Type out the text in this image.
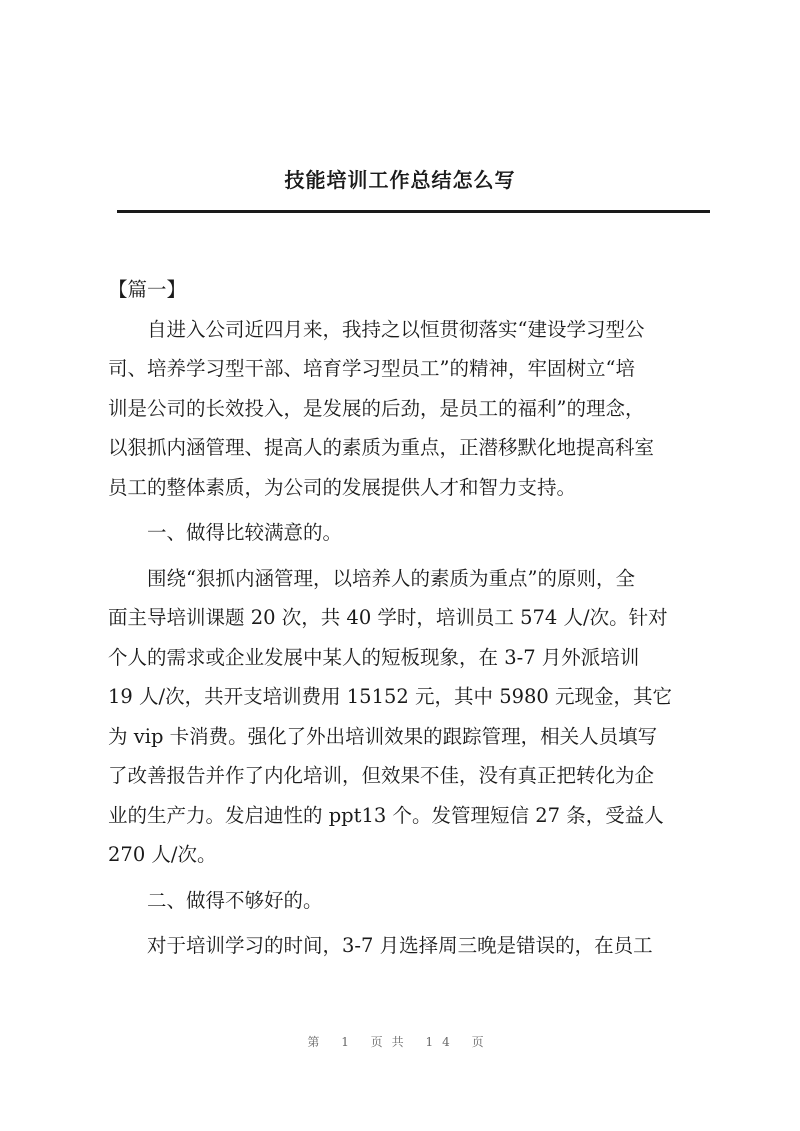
技能培训工作总结怎么写
【篇一】
　　自进入公司近四月来，我持之以恒贯彻落实“建设学习型公
司、培养学习型干部、培育学习型员工”的精神，牢固树立“培
训是公司的长效投入，是发展的后劲，是员工的福利”的理念，
以狠抓内涵管理、提高人的素质为重点，正潜移默化地提高科室
员工的整体素质，为公司的发展提供人才和智力支持。
　　一、做得比较满意的。
　　围绕“狠抓内涵管理，以培养人的素质为重点”的原则，全
面主导培训课题 20 次，共 40 学时，培训员工 574 人/次。针对
个人的需求或企业发展中某人的短板现象，在 3-7 月外派培训
19 人/次，共开支培训费用 15152 元，其中 5980 元现金，其它
为 vip 卡消费。强化了外出培训效果的跟踪管理，相关人员填写
了改善报告并作了内化培训，但效果不佳，没有真正把转化为企
业的生产力。发启迪性的 ppt13 个。发管理短信 27 条，受益人
270 人/次。
　　二、做得不够好的。
　　对于培训学习的时间，3-7 月选择周三晚是错误的，在员工
第 1 页共 14 页
